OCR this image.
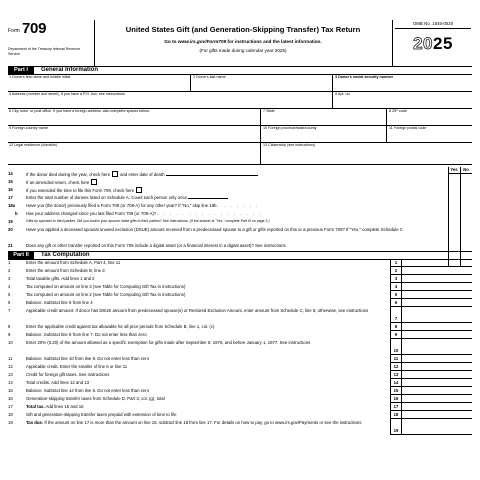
Form 709
Department of the Treasury Internal Revenue Service
United States Gift (and Generation-Skipping Transfer) Tax Return
Go to www.irs.gov/Form709 for instructions and the latest information.
(For gifts made during calendar year 2025)
OMB No. 1545-0020
2025
Part I	General Information
1 Donor's first name and middle initial	2 Donor's last name	3 Donor's social security number
4 Address (number and street). If you have a P.O. box, see instructions.	5 Apt. no.
6 City, town, or post office. If you have a foreign address, also complete spaces below.	7 State	8 ZIP code
9 Foreign country name	10 Foreign province/state/county	11 Foreign postal code
12 Legal residence (domicile)	13 Citizenship (see instructions)
Yes	No
14	If the donor died during the year, check here and enter date of death
15	If an amended return, check here
16	If you extended the time to file this Form 709, check here
17	Enter the total number of donees listed on Schedule A. Count each person only once
18a	Have you (the donor) previously filed a Form 709 (or 709-A) for any other year? If "No," skip line 18b . . . . . . .
b	Has your address changed since you last filed Form 709 (or 709-A)? . . . . . . . . . . . . . . . . .
19	Gifts by spouses to third parties. Did you and/or your spouse make gifts to third parties? See instructions. (If the answer is "Yes," complete Part III on page 2.)
20	Have you applied a deceased spousal unused exclusion (DSUE) amount received from a predeceased spouse to a gift or gifts reported on this or a previous Form 709? If "Yes," complete Schedule C
21	Does any gift or other transfer reported on this Form 709 include a digital asset (or a financial interest in a digital asset)? See instructions
Part II	Tax Computation
1	Enter the amount from Schedule A, Part 4, line 11	1
2	Enter the amount from Schedule B, line 3	2
3	Total taxable gifts. Add lines 1 and 2	3
4	Tax computed on amount on line 3 (see Table for Computing Gift Tax in instructions)	4
5	Tax computed on amount on line 2 (see Table for Computing Gift Tax in instructions)	5
6	Balance. Subtract line 5 from line 4	6
7	Applicable credit amount. If donor has DSUE amount from predeceased spouse(s) or Restored Exclusion Amount, enter amount from Schedule C, line 5; otherwise, see instructions
7
8	Enter the applicable credit against tax allowable for all prior periods from Schedule B, line 1, col. (c)	8
9	Balance. Subtract line 8 from line 7. Do not enter less than zero	9
10	Enter 20% (0.20) of the amount allowed as a specific exemption for gifts made after September 8, 1976, and before January 1, 1977. See instructions
10
11	Balance. Subtract line 10 from line 9. Do not enter less than zero	11
12	Applicable credit. Enter the smaller of line 6 or line 11	12
13	Credit for foreign gift taxes. See instructions	13
14	Total credits. Add lines 12 and 13	14
15	Balance. Subtract line 14 from line 6. Do not enter less than zero	15
16	Generation-skipping transfer taxes from Schedule D, Part 3, col. (g), total	16
17	Total tax. Add lines 15 and 16	17
18	Gift and generation-skipping transfer taxes prepaid with extension of time to file	18
19	Tax due. If the amount on line 17 is more than the amount on line 18, subtract line 18 from line 17. For details on how to pay, go to www.irs.gov/Payments or see the instructions
19
